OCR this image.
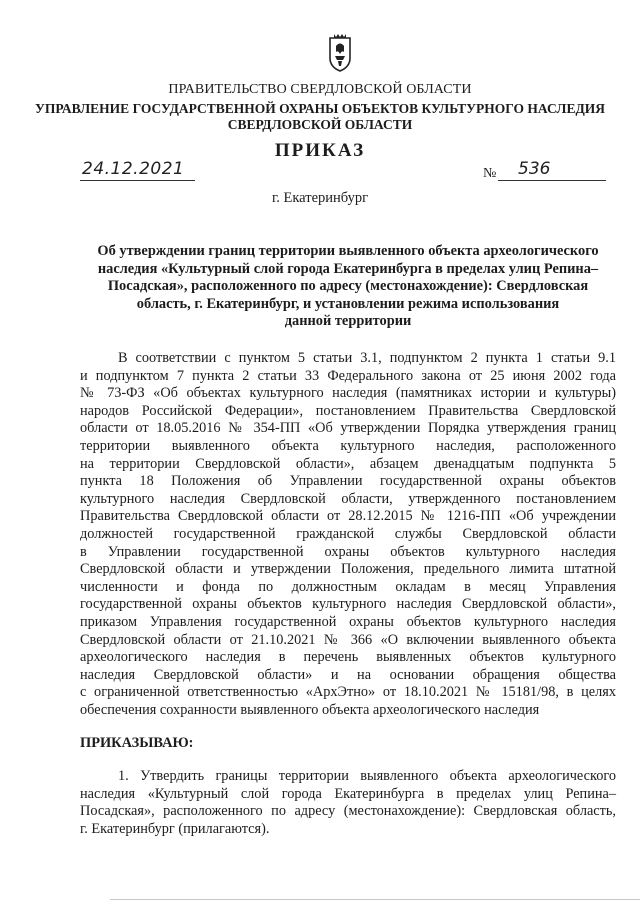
ПРАВИТЕЛЬСТВО СВЕРДЛОВСКОЙ ОБЛАСТИ
УПРАВЛЕНИЕ ГОСУДАРСТВЕННОЙ ОХРАНЫ ОБЪЕКТОВ КУЛЬТУРНОГО НАСЛЕДИЯ
СВЕРДЛОВСКОЙ ОБЛАСТИ
ПРИКАЗ
24.12.2021	№	536
г. Екатеринбург
Об утверждении границ территории выявленного объекта археологического
наследия «Культурный слой города Екатеринбурга в пределах улиц Репина–
Посадская», расположенного по адресу (местонахождение): Свердловская
область, г. Екатеринбург, и установлении режима использования
данной территории
В соответствии с пунктом 5 статьи 3.1, подпунктом 2 пункта 1 статьи 9.1
и подпунктом 7 пункта 2 статьи 33 Федерального закона от 25 июня 2002 года
№ 73-ФЗ «Об объектах культурного наследия (памятниках истории и культуры)
народов Российской Федерации», постановлением Правительства Свердловской
области от 18.05.2016 № 354-ПП «Об утверждении Порядка утверждения границ
территории выявленного объекта культурного наследия, расположенного
на территории Свердловской области», абзацем двенадцатым подпункта 5
пункта 18 Положения об Управлении государственной охраны объектов
культурного наследия Свердловской области, утвержденного постановлением
Правительства Свердловской области от 28.12.2015 № 1216-ПП «Об учреждении
должностей государственной гражданской службы Свердловской области
в Управлении государственной охраны объектов культурного наследия
Свердловской области и утверждении Положения, предельного лимита штатной
численности и фонда по должностным окладам в месяц Управления
государственной охраны объектов культурного наследия Свердловской области»,
приказом Управления государственной охраны объектов культурного наследия
Свердловской области от 21.10.2021 № 366 «О включении выявленного объекта
археологического наследия в перечень выявленных объектов культурного
наследия Свердловской области» и на основании обращения общества
с ограниченной ответственностью «АрхЭтно» от 18.10.2021 № 15181/98, в целях
обеспечения сохранности выявленного объекта археологического наследия
ПРИКАЗЫВАЮ:
1. Утвердить границы территории выявленного объекта археологического
наследия «Культурный слой города Екатеринбурга в пределах улиц Репина–
Посадская», расположенного по адресу (местонахождение): Свердловская область,
г. Екатеринбург (прилагаются).
